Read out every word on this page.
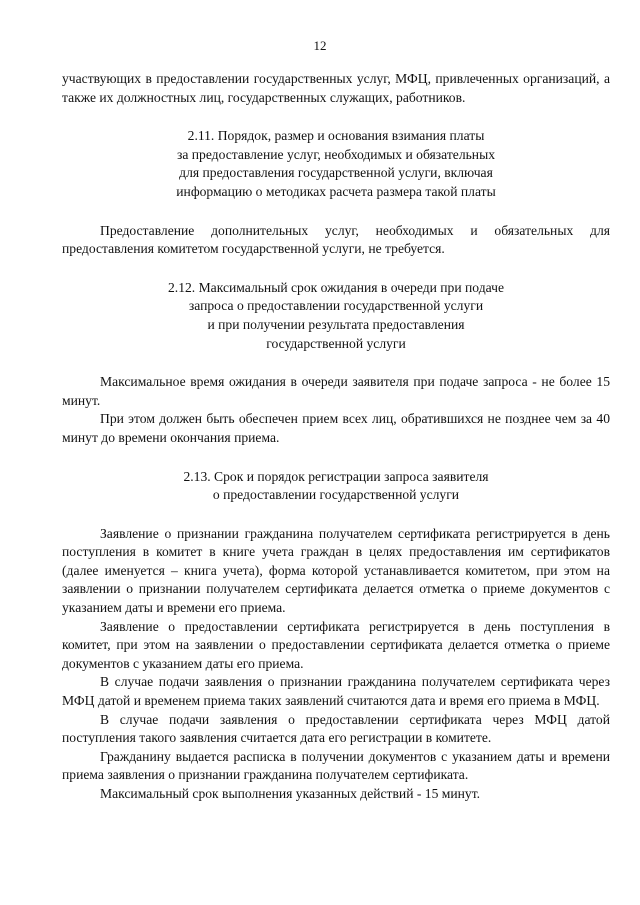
12

участвующих в предоставлении государственных услуг, МФЦ, привлеченных организаций, а также их должностных лиц, государственных служащих, работников.

2.11. Порядок, размер и основания взимания платы
за предоставление услуг, необходимых и обязательных
для предоставления государственной услуги, включая
информацию о методиках расчета размера такой платы

Предоставление дополнительных услуг, необходимых и обязательных для предоставления комитетом государственной услуги, не требуется.

2.12. Максимальный срок ожидания в очереди при подаче
запроса о предоставлении государственной услуги
и при получении результата предоставления
государственной услуги

Максимальное время ожидания в очереди заявителя при подаче запроса - не более 15 минут.

При этом должен быть обеспечен прием всех лиц, обратившихся не позднее чем за 40 минут до времени окончания приема.

2.13. Срок и порядок регистрации запроса заявителя
о предоставлении государственной услуги

Заявление о признании гражданина получателем сертификата регистрируется в день поступления в комитет в книге учета граждан в целях предоставления им сертификатов (далее именуется – книга учета), форма которой устанавливается комитетом, при этом на заявлении о признании получателем сертификата делается отметка о приеме документов с указанием даты и времени его приема.

Заявление о предоставлении сертификата регистрируется в день поступления в комитет, при этом на заявлении о предоставлении сертификата делается отметка о приеме документов с указанием даты его приема.

В случае подачи заявления о признании гражданина получателем сертификата через МФЦ датой и временем приема таких заявлений считаются дата и время его приема в МФЦ.

В случае подачи заявления о предоставлении сертификата через МФЦ датой поступления такого заявления считается дата его регистрации в комитете.

Гражданину выдается расписка в получении документов с указанием даты и времени приема заявления о признании гражданина получателем сертификата.

Максимальный срок выполнения указанных действий - 15 минут.
